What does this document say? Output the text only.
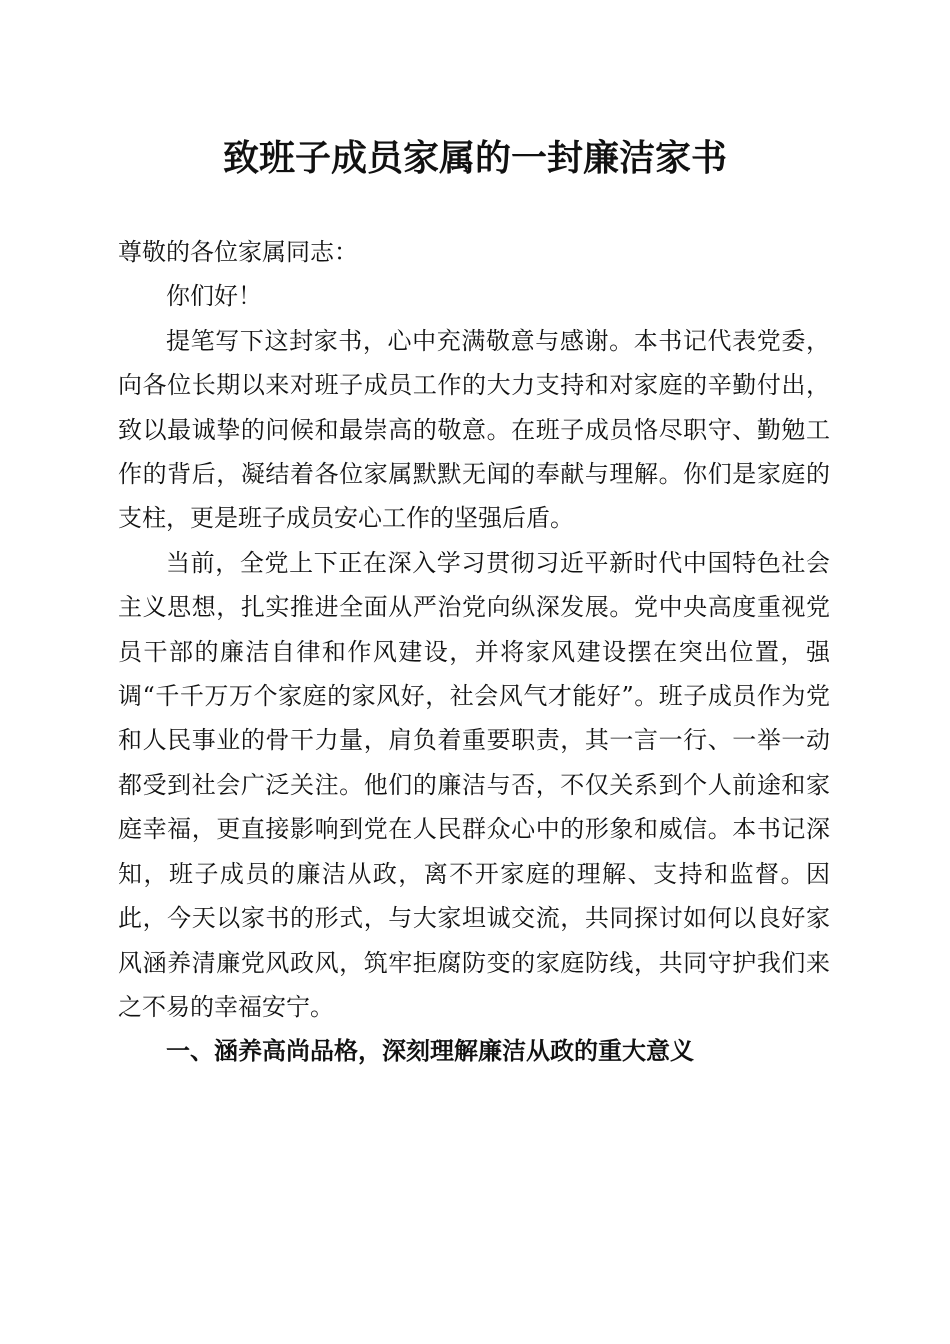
致班子成员家属的一封廉洁家书

尊敬的各位家属同志：

你们好！

提笔写下这封家书，心中充满敬意与感谢。本书记代表党委，向各位长期以来对班子成员工作的大力支持和对家庭的辛勤付出，致以最诚挚的问候和最崇高的敬意。在班子成员恪尽职守、勤勉工作的背后，凝结着各位家属默默无闻的奉献与理解。你们是家庭的支柱，更是班子成员安心工作的坚强后盾。

当前，全党上下正在深入学习贯彻习近平新时代中国特色社会主义思想，扎实推进全面从严治党向纵深发展。党中央高度重视党员干部的廉洁自律和作风建设，并将家风建设摆在突出位置，强调“千千万万个家庭的家风好，社会风气才能好”。班子成员作为党和人民事业的骨干力量，肩负着重要职责，其一言一行、一举一动都受到社会广泛关注。他们的廉洁与否，不仅关系到个人前途和家庭幸福，更直接影响到党在人民群众心中的形象和威信。本书记深知，班子成员的廉洁从政，离不开家庭的理解、支持和监督。因此，今天以家书的形式，与大家坦诚交流，共同探讨如何以良好家风涵养清廉党风政风，筑牢拒腐防变的家庭防线，共同守护我们来之不易的幸福安宁。

一、涵养高尚品格，深刻理解廉洁从政的重大意义
